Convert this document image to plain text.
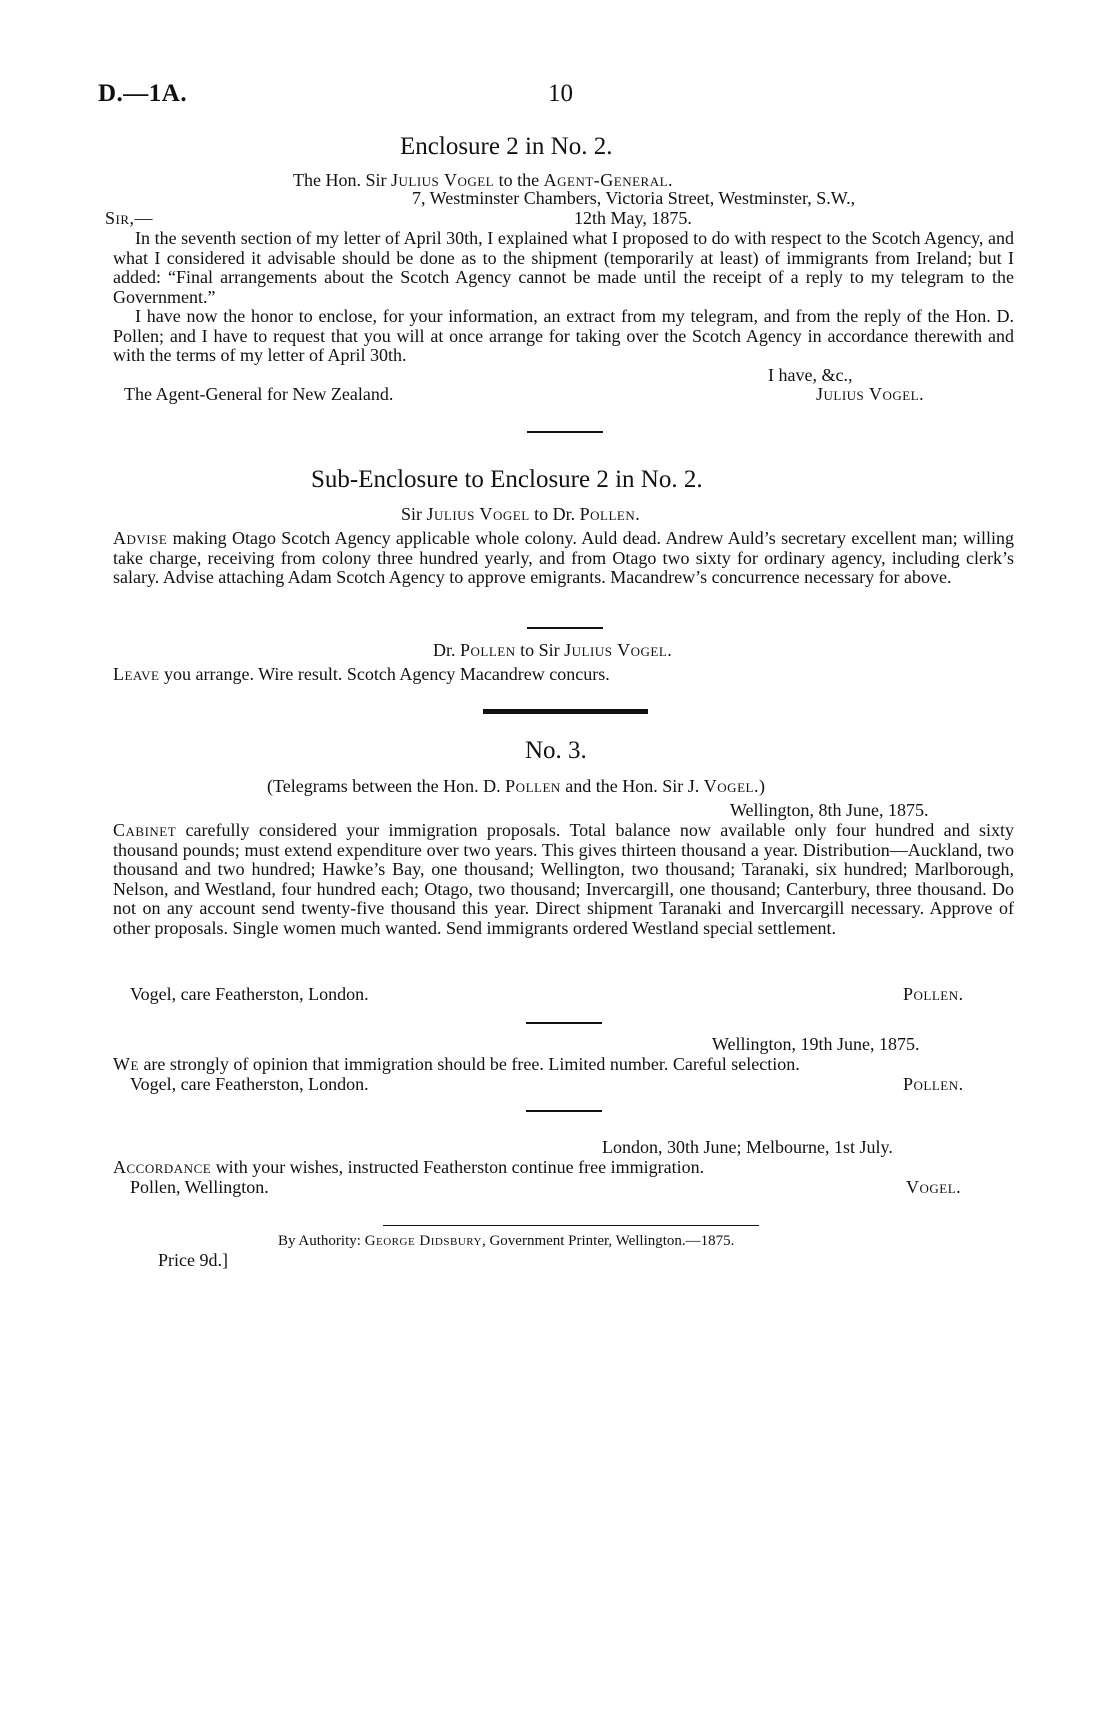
D.—1A.	10
Enclosure 2 in No. 2.
The Hon. Sir Julius Vogel to the Agent-General.
7, Westminster Chambers, Victoria Street, Westminster, S.W.,
Sir,—	12th May, 1875.

In the seventh section of my letter of April 30th, I explained what I proposed to do with respect to the Scotch Agency, and what I considered it advisable should be done as to the shipment (temporarily at least) of immigrants from Ireland; but I added: “Final arrangements about the Scotch Agency cannot be made until the receipt of a reply to my telegram to the Government.”

I have now the honor to enclose, for your information, an extract from my telegram, and from the reply of the Hon. D. Pollen; and I have to request that you will at once arrange for taking over the Scotch Agency in accordance therewith and with the terms of my letter of April 30th.

I have, &c.,
The Agent-General for New Zealand.	Julius Vogel.
Sub-Enclosure to Enclosure 2 in No. 2.
Sir Julius Vogel to Dr. Pollen.

Advise making Otago Scotch Agency applicable whole colony. Auld dead. Andrew Auld’s secretary excellent man; willing take charge, receiving from colony three hundred yearly, and from Otago two sixty for ordinary agency, including clerk’s salary. Advise attaching Adam Scotch Agency to approve emigrants. Macandrew’s concurrence necessary for above.

Dr. Pollen to Sir Julius Vogel.
Leave you arrange. Wire result. Scotch Agency Macandrew concurs.
No. 3.
(Telegrams between the Hon. D. Pollen and the Hon. Sir J. Vogel.)
Wellington, 8th June, 1875.

Cabinet carefully considered your immigration proposals. Total balance now available only four hundred and sixty thousand pounds; must extend expenditure over two years. This gives thirteen thousand a year. Distribution—Auckland, two thousand and two hundred; Hawke’s Bay, one thousand; Wellington, two thousand; Taranaki, six hundred; Marlborough, Nelson, and Westland, four hundred each; Otago, two thousand; Invercargill, one thousand; Canterbury, three thousand. Do not on any account send twenty-five thousand this year. Direct shipment Taranaki and Invercargill necessary. Approve of other proposals. Single women much wanted. Send immigrants ordered Westland special settlement.

Vogel, care Featherston, London.	Pollen.
Wellington, 19th June, 1875.
We are strongly of opinion that immigration should be free. Limited number. Careful selection.
Vogel, care Featherston, London.	Pollen.
London, 30th June; Melbourne, 1st July.
Accordance with your wishes, instructed Featherston continue free immigration.
Pollen, Wellington.	Vogel.
By Authority: George Didsbury, Government Printer, Wellington.—1875.
Price 9d.]
